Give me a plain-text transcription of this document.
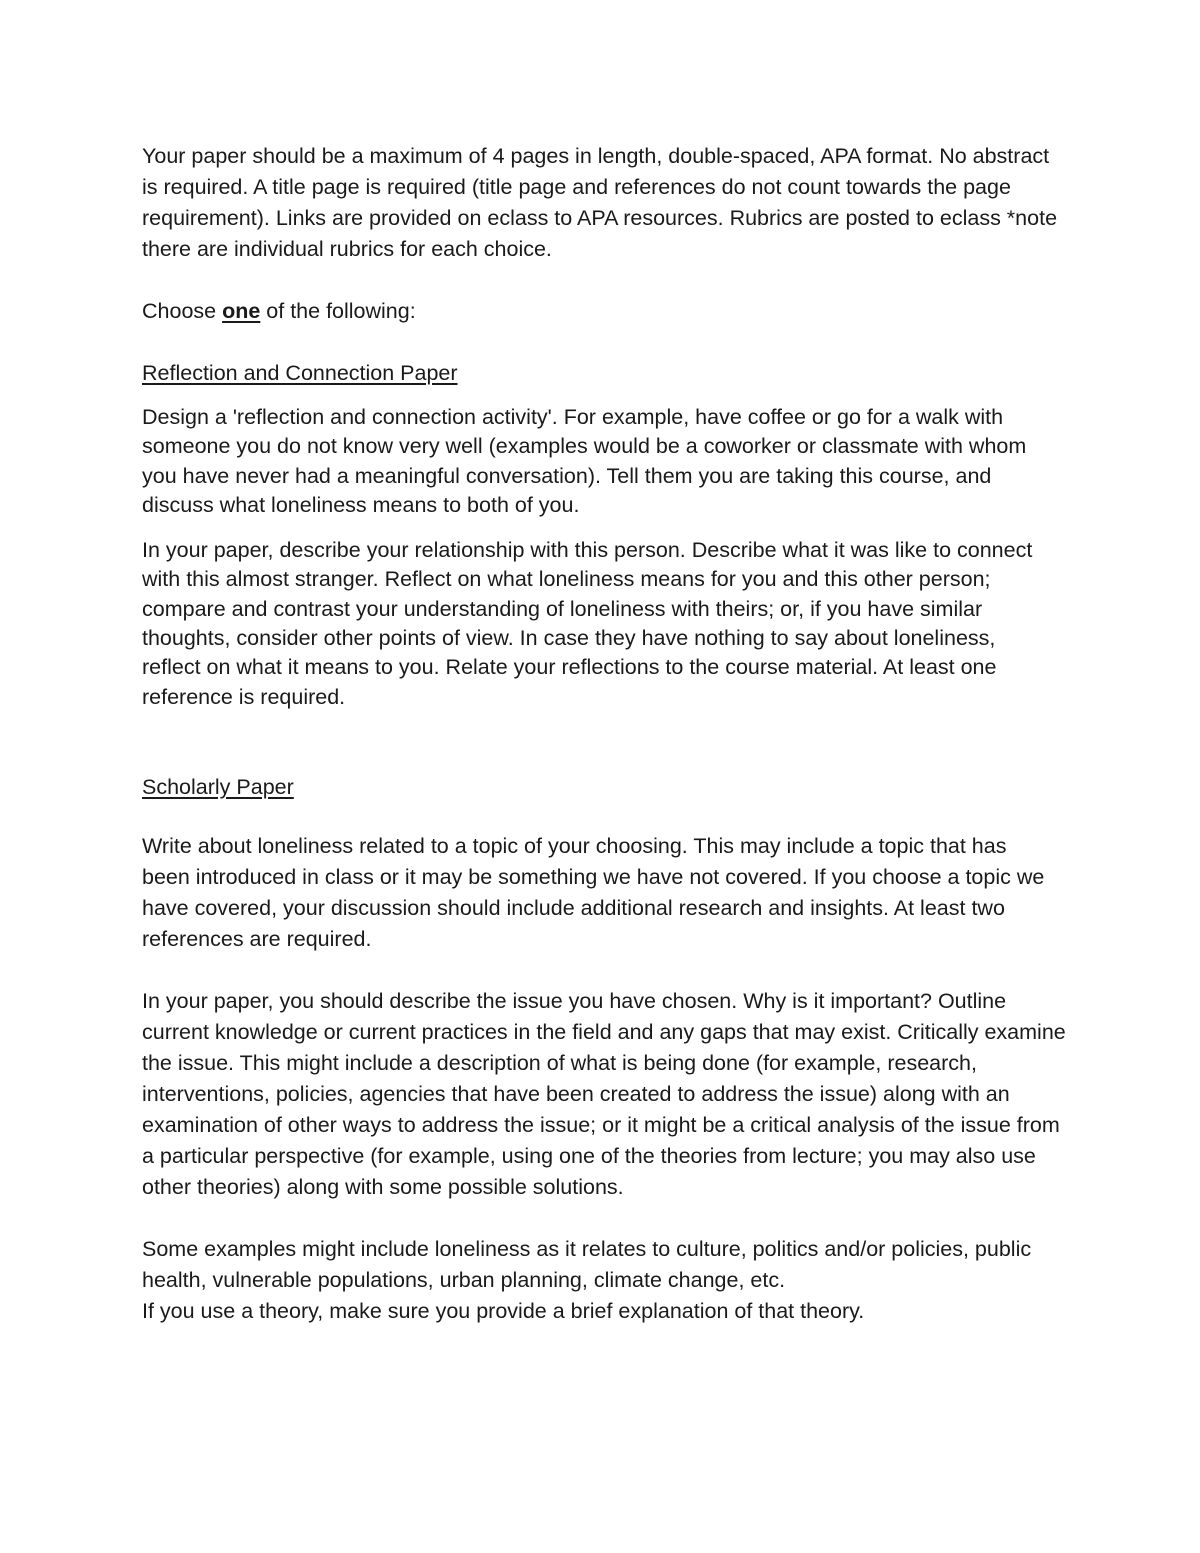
Your paper should be a maximum of 4 pages in length, double-spaced, APA format. No abstract is required. A title page is required (title page and references do not count towards the page requirement). Links are provided on eclass to APA resources. Rubrics are posted to eclass *note there are individual rubrics for each choice.

Choose one of the following:

Reflection and Connection Paper

Design a 'reflection and connection activity'. For example, have coffee or go for a walk with someone you do not know very well (examples would be a coworker or classmate with whom you have never had a meaningful conversation). Tell them you are taking this course, and discuss what loneliness means to both of you.

In your paper, describe your relationship with this person. Describe what it was like to connect with this almost stranger. Reflect on what loneliness means for you and this other person; compare and contrast your understanding of loneliness with theirs; or, if you have similar thoughts, consider other points of view. In case they have nothing to say about loneliness, reflect on what it means to you. Relate your reflections to the course material. At least one reference is required.

Scholarly Paper

Write about loneliness related to a topic of your choosing. This may include a topic that has been introduced in class or it may be something we have not covered. If you choose a topic we have covered, your discussion should include additional research and insights. At least two references are required.

In your paper, you should describe the issue you have chosen. Why is it important? Outline current knowledge or current practices in the field and any gaps that may exist. Critically examine the issue. This might include a description of what is being done (for example, research, interventions, policies, agencies that have been created to address the issue) along with an examination of other ways to address the issue; or it might be a critical analysis of the issue from a particular perspective (for example, using one of the theories from lecture; you may also use other theories) along with some possible solutions.

Some examples might include loneliness as it relates to culture, politics and/or policies, public health, vulnerable populations, urban planning, climate change, etc.

If you use a theory, make sure you provide a brief explanation of that theory.
